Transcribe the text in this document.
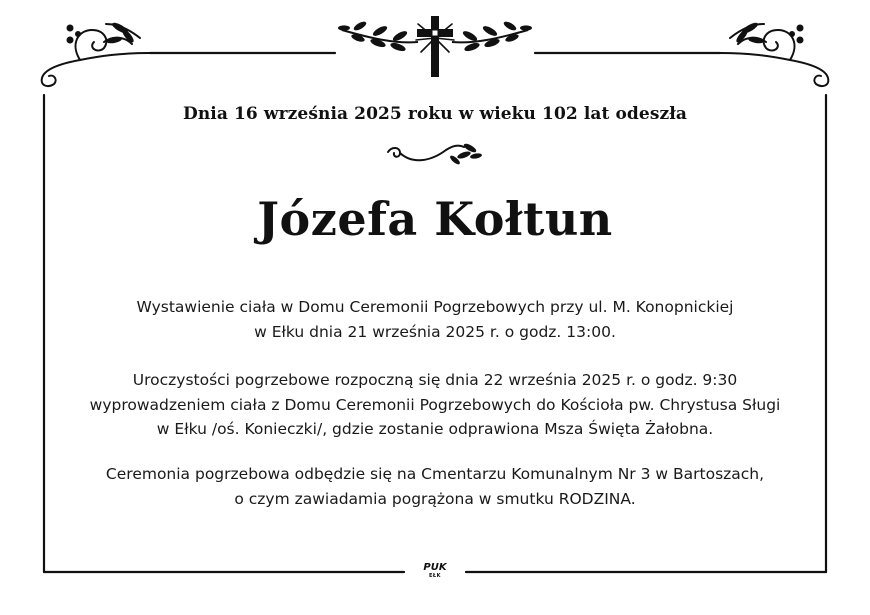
Dnia 16 września 2025 roku w wieku 102 lat odeszła
Józefa Kołtun
Wystawienie ciała w Domu Ceremonii Pogrzebowych przy ul. M. Konopnickiej
w Ełku dnia 21 września 2025 r. o godz. 13:00.
Uroczystości pogrzebowe rozpoczną się dnia 22 września 2025 r. o godz. 9:30
wyprowadzeniem ciała z Domu Ceremonii Pogrzebowych do Kościoła pw. Chrystusa Sługi
w Ełku /oś. Konieczki/, gdzie zostanie odprawiona Msza Święta Żałobna.
Ceremonia pogrzebowa odbędzie się na Cmentarzu Komunalnym Nr 3 w Bartoszach,
o czym zawiadamia pogrążona w smutku RODZINA.
PUK
EŁK
